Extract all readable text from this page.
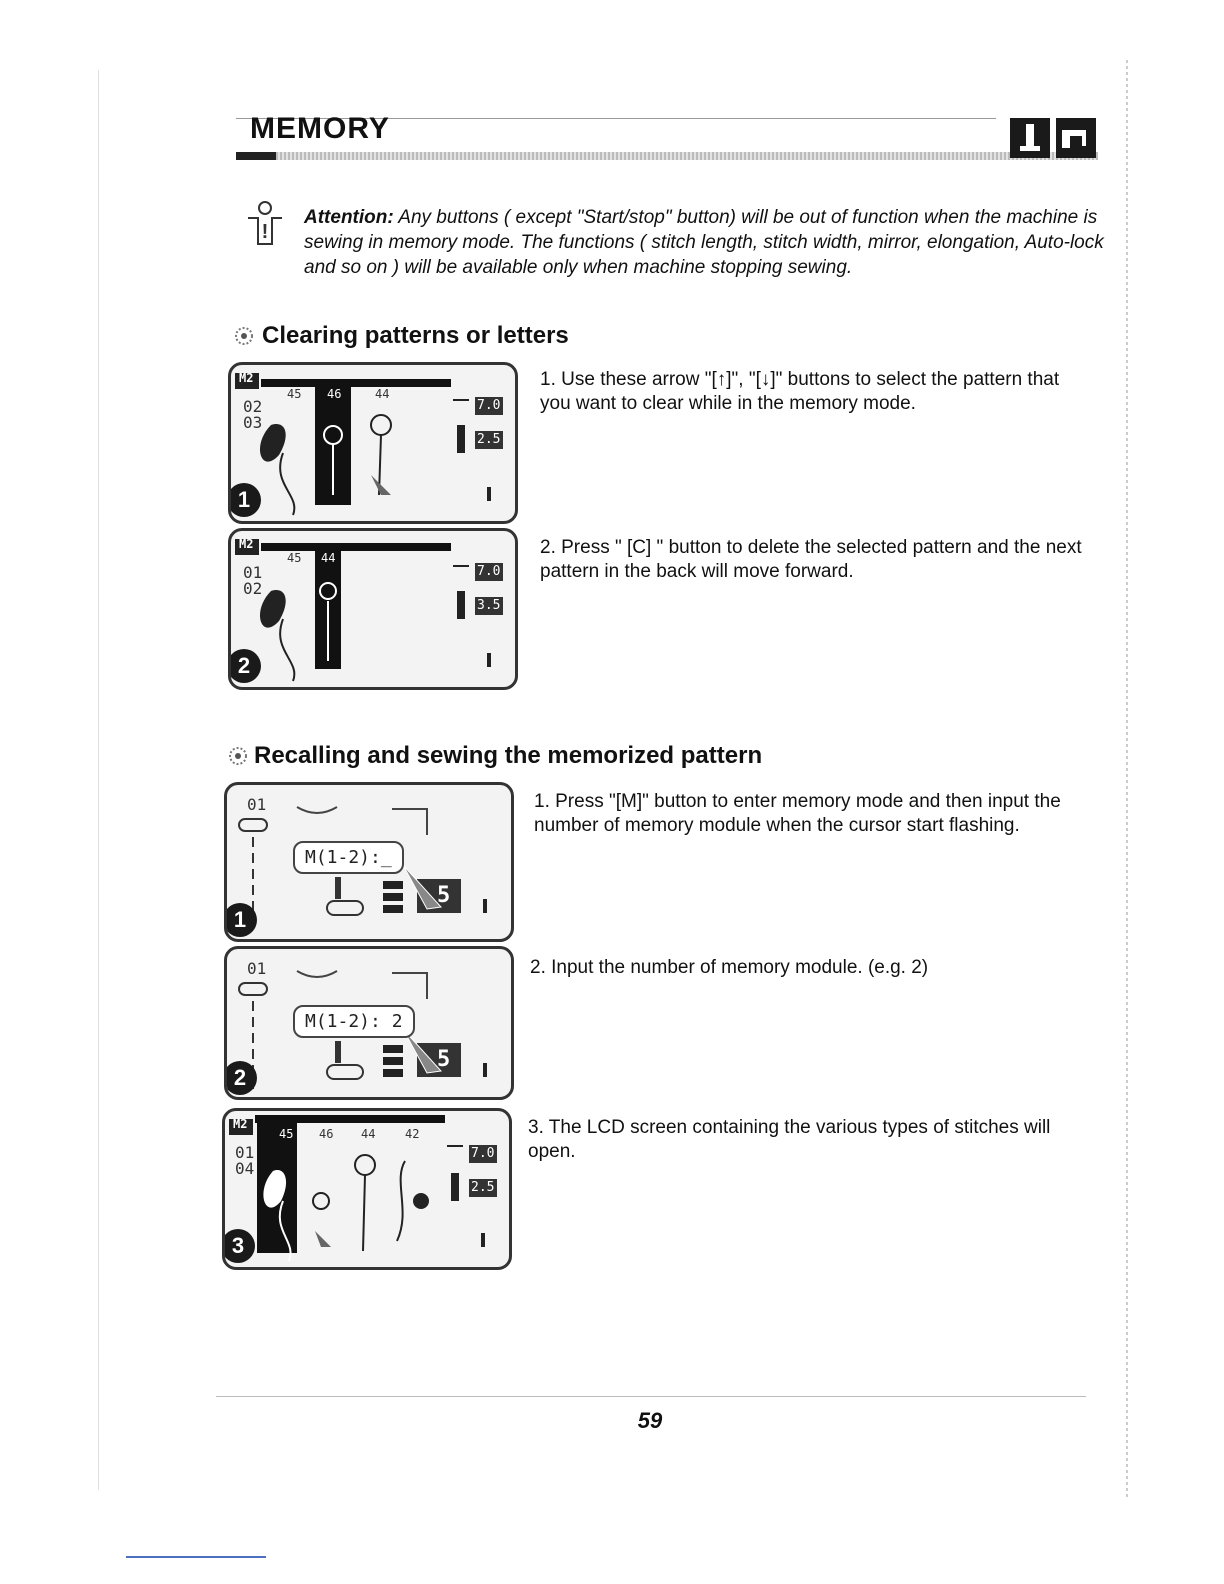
MEMORY
!
Attention: Any buttons ( except "Start/stop" button) will be out of function when the machine is sewing in memory mode. The functions ( stitch length, stitch width, mirror, elongation, Auto-lock and so on ) will be available only when machine stopping sewing.
Clearing patterns or letters
M2
02
03
45 46	44
7.0
2.5
1
1. Use these arrow "[↑]", "[↓]" buttons to select the pattern that you want to clear while in the memory mode.
M2
01
02
45 44
7.0
3.5
2
2. Press " [C] " button to delete the selected pattern and the next pattern in the back will move forward.
Recalling and sewing the memorized pattern
01
M(1-2):_
5
1
1. Press "[M]" button to enter memory mode and then input the number of memory module when the cursor start flashing.
01
M(1-2): 2
5
2
2. Input the number of memory module. (e.g. 2)
M2
01
04
45 46 44 42
7.0
2.5
3
3. The LCD screen containing the various types of stitches will open.
59
